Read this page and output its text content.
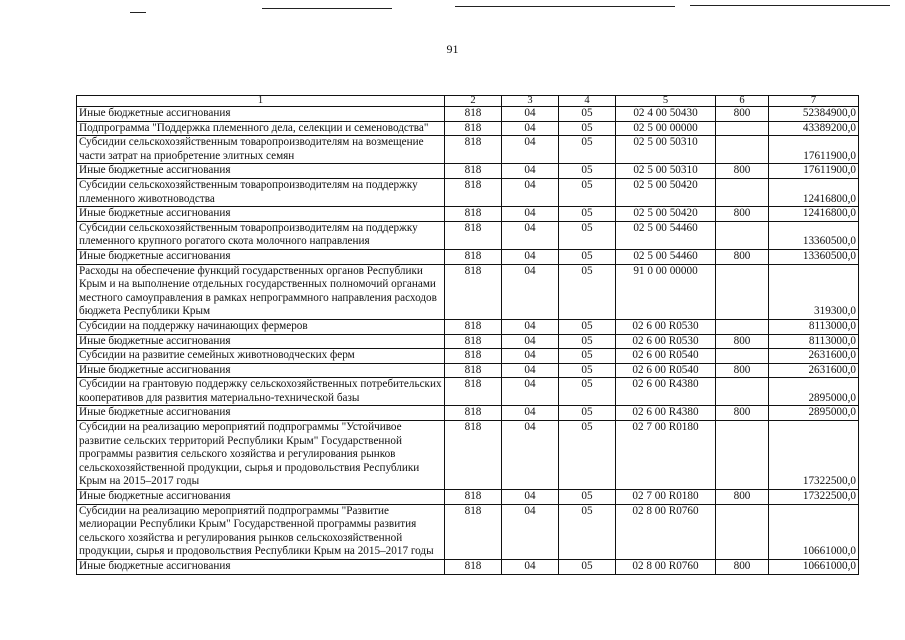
91
1	2	3	4	5	6	7
Иные бюджетные ассигнования	818	04	05	02 4 00 50430	800	52384900,0
Подпрограмма "Поддержка племенного дела, селекции и семеноводства"	818	04	05	02 5 00 00000		43389200,0
Субсидии сельскохозяйственным товаропроизводителям на возмещение части затрат на приобретение элитных семян	818	04	05	02 5 00 50310		17611900,0
Иные бюджетные ассигнования	818	04	05	02 5 00 50310	800	17611900,0
Субсидии сельскохозяйственным товаропроизводителям на поддержку племенного животноводства	818	04	05	02 5 00 50420		12416800,0
Иные бюджетные ассигнования	818	04	05	02 5 00 50420	800	12416800,0
Субсидии сельскохозяйственным товаропроизводителям на поддержку племенного крупного рогатого скота молочного направления	818	04	05	02 5 00 54460		13360500,0
Иные бюджетные ассигнования	818	04	05	02 5 00 54460	800	13360500,0
Расходы на обеспечение функций государственных органов Республики Крым и на выполнение отдельных государственных полномочий органами местного самоуправления в рамках непрограммного направления расходов бюджета Республики Крым	818	04	05	91 0 00 00000		319300,0
Субсидии на поддержку начинающих фермеров	818	04	05	02 6 00 R0530		8113000,0
Иные бюджетные ассигнования	818	04	05	02 6 00 R0530	800	8113000,0
Субсидии на развитие семейных животноводческих ферм	818	04	05	02 6 00 R0540		2631600,0
Иные бюджетные ассигнования	818	04	05	02 6 00 R0540	800	2631600,0
Субсидии на грантовую поддержку сельскохозяйственных потребительских кооперативов для развития материально-технической базы	818	04	05	02 6 00 R4380		2895000,0
Иные бюджетные ассигнования	818	04	05	02 6 00 R4380	800	2895000,0
Субсидии на реализацию мероприятий подпрограммы "Устойчивое развитие сельских территорий Республики Крым" Государственной программы развития сельского хозяйства и регулирования рынков сельскохозяйственной продукции, сырья и продовольствия Республики Крым на 2015–2017 годы	818	04	05	02 7 00 R0180		17322500,0
Иные бюджетные ассигнования	818	04	05	02 7 00 R0180	800	17322500,0
Субсидии на реализацию мероприятий подпрограммы "Развитие мелиорации Республики Крым" Государственной программы развития сельского хозяйства и регулирования рынков сельскохозяйственной продукции, сырья и продовольствия Республики Крым на 2015–2017 годы	818	04	05	02 8 00 R0760		10661000,0
Иные бюджетные ассигнования	818	04	05	02 8 00 R0760	800	10661000,0
